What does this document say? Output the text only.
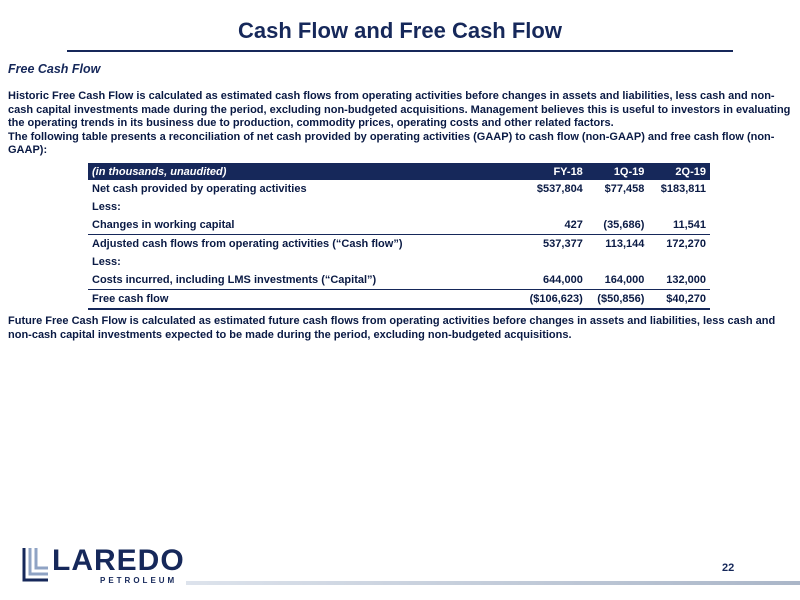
Cash Flow and Free Cash Flow
Free Cash Flow

Historic Free Cash Flow is calculated as estimated cash flows from operating activities before changes in assets and liabilities, less cash and non-cash capital investments made during the period, excluding non-budgeted acquisitions. Management believes this is useful to investors in evaluating the operating trends in its business due to production, commodity prices, operating costs and other related factors.

The following table presents a reconciliation of net cash provided by operating activities (GAAP) to cash flow (non-GAAP) and free cash flow (non-GAAP):

(in thousands, unaudited)	FY-18	1Q-19	2Q-19
Net cash provided by operating activities	$537,804	$77,458	$183,811
Less:			
Changes in working capital	427	(35,686)	11,541
Adjusted cash flows from operating activities (“Cash flow”)	537,377	113,144	172,270
Less:			
Costs incurred, including LMS investments (“Capital”)	644,000	164,000	132,000
Free cash flow	($106,623)	($50,856)	$40,270

Future Free Cash Flow is calculated as estimated future cash flows from operating activities before changes in assets and liabilities, less cash and non-cash capital investments expected to be made during the period, excluding non-budgeted acquisitions.

LAREDO
PETROLEUM
22
